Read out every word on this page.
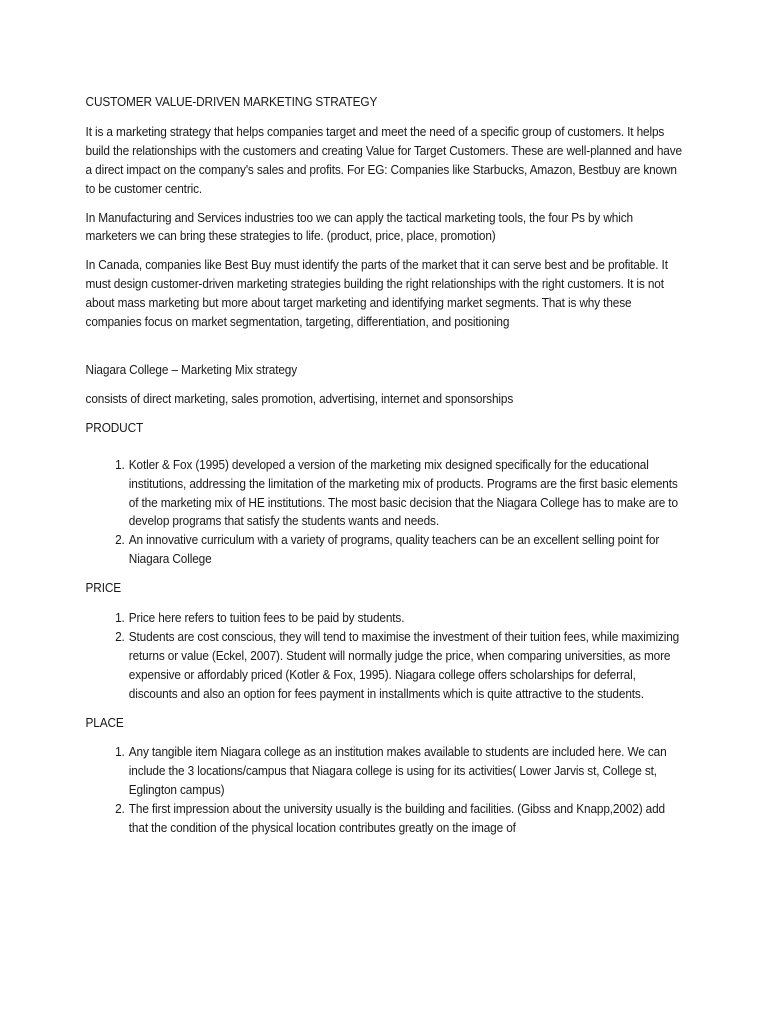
CUSTOMER VALUE-DRIVEN MARKETING STRATEGY

It is a marketing strategy that helps companies target and meet the need of a specific group of customers. It helps build the relationships with the customers and creating Value for Target Customers. These are well-planned and have a direct impact on the company's sales and profits. For EG: Companies like Starbucks, Amazon, Bestbuy are known to be customer centric.

In Manufacturing and Services industries too we can apply the tactical marketing tools, the four Ps by which marketers we can bring these strategies to life. (product, price, place, promotion)

In Canada, companies like Best Buy must identify the parts of the market that it can serve best and be profitable. It must design customer-driven marketing strategies building the right relationships with the right customers. It is not about mass marketing but more about target marketing and identifying market segments. That is why these companies focus on market segmentation, targeting, differentiation, and positioning

Niagara College – Marketing Mix strategy

consists of direct marketing, sales promotion, advertising, internet and sponsorships

PRODUCT

1. Kotler & Fox (1995) developed a version of the marketing mix designed specifically for the educational institutions, addressing the limitation of the marketing mix of products. Programs are the first basic elements of the marketing mix of HE institutions. The most basic decision that the Niagara College has to make are to develop programs that satisfy the students wants and needs.
2. An innovative curriculum with a variety of programs, quality teachers can be an excellent selling point for Niagara College

PRICE

1. Price here refers to tuition fees to be paid by students.
2. Students are cost conscious, they will tend to maximise the investment of their tuition fees, while maximizing returns or value (Eckel, 2007). Student will normally judge the price, when comparing universities, as more expensive or affordably priced (Kotler & Fox, 1995). Niagara college offers scholarships for deferral, discounts and also an option for fees payment in installments which is quite attractive to the students.

PLACE

1. Any tangible item Niagara college as an institution makes available to students are included here. We can include the 3 locations/campus that Niagara college is using for its activities( Lower Jarvis st, College st, Eglington campus)
2. The first impression about the university usually is the building and facilities. (Gibss and Knapp,2002) add that the condition of the physical location contributes greatly on the image of
